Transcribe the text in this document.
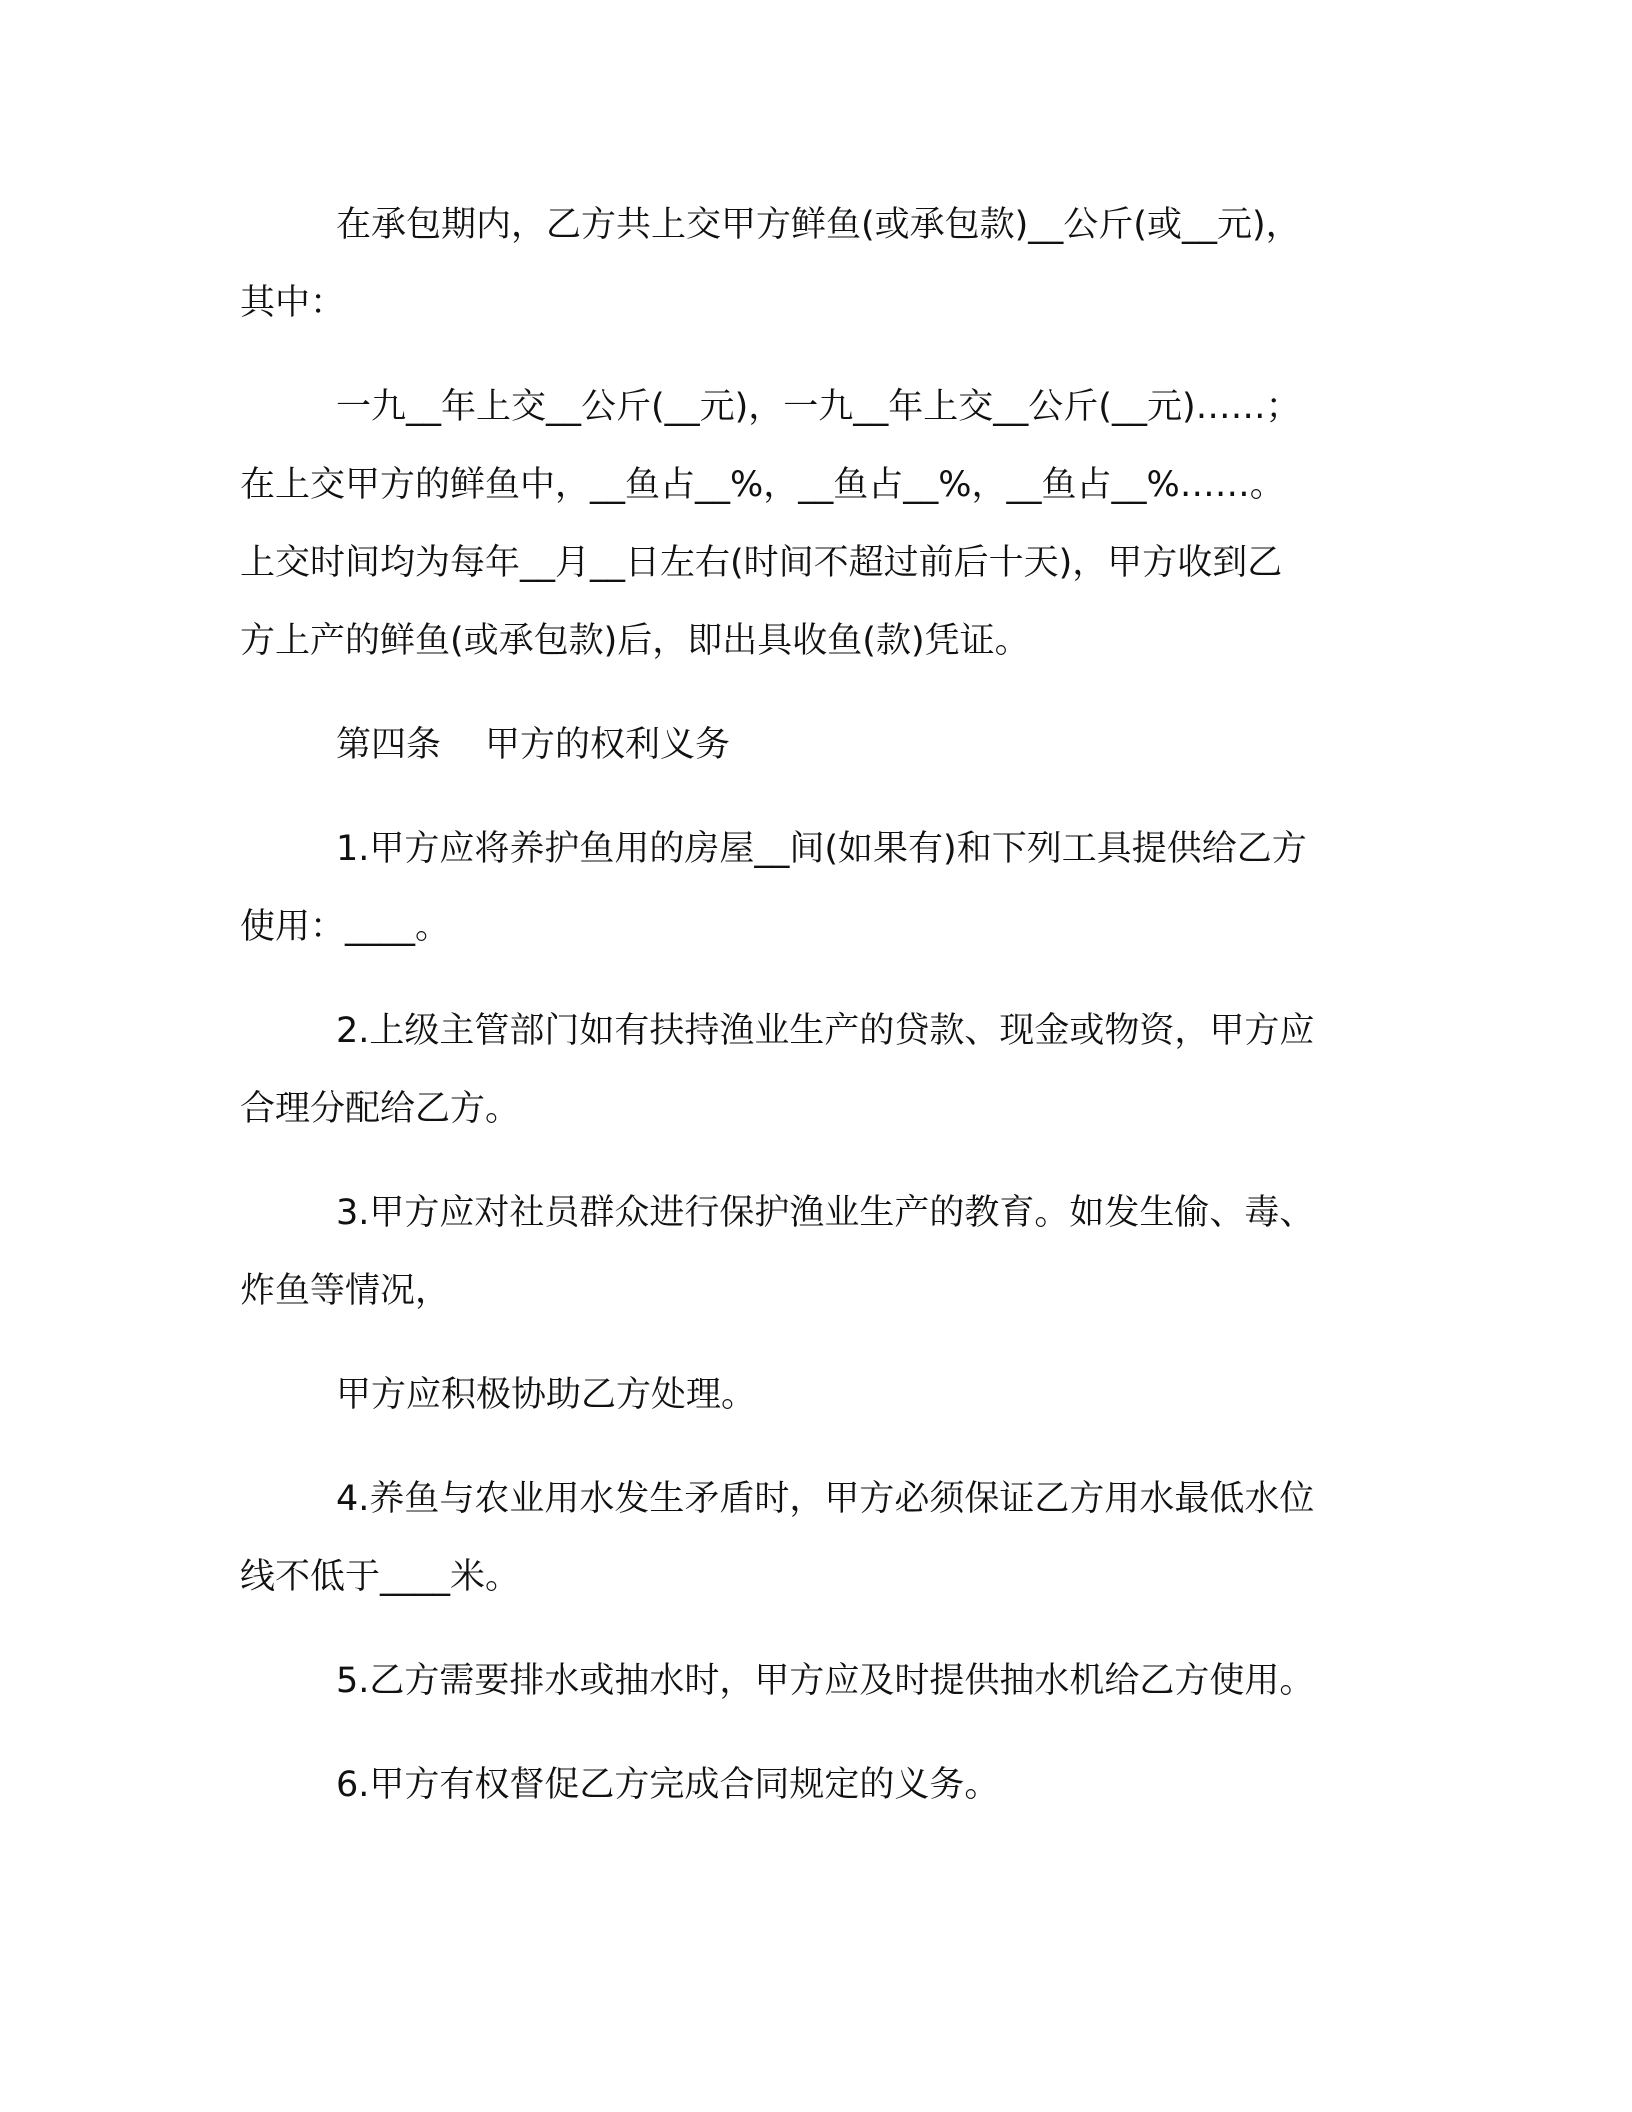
在承包期内，乙方共上交甲方鲜鱼(或承包款)__公斤(或__元)，
其中：
一九__年上交__公斤(__元)，一九__年上交__公斤(__元)……；
在上交甲方的鲜鱼中，__鱼占__%，__鱼占__%，__鱼占__%……。
上交时间均为每年__月__日左右(时间不超过前后十天)，甲方收到乙
方上产的鲜鱼(或承包款)后，即出具收鱼(款)凭证。
第四条 甲方的权利义务
1.甲方应将养护鱼用的房屋__间(如果有)和下列工具提供给乙方
使用：____。
2.上级主管部门如有扶持渔业生产的贷款、现金或物资，甲方应
合理分配给乙方。
3.甲方应对社员群众进行保护渔业生产的教育。如发生偷、毒、
炸鱼等情况，
甲方应积极协助乙方处理。
4.养鱼与农业用水发生矛盾时，甲方必须保证乙方用水最低水位
线不低于____米。
5.乙方需要排水或抽水时，甲方应及时提供抽水机给乙方使用。
6.甲方有权督促乙方完成合同规定的义务。
